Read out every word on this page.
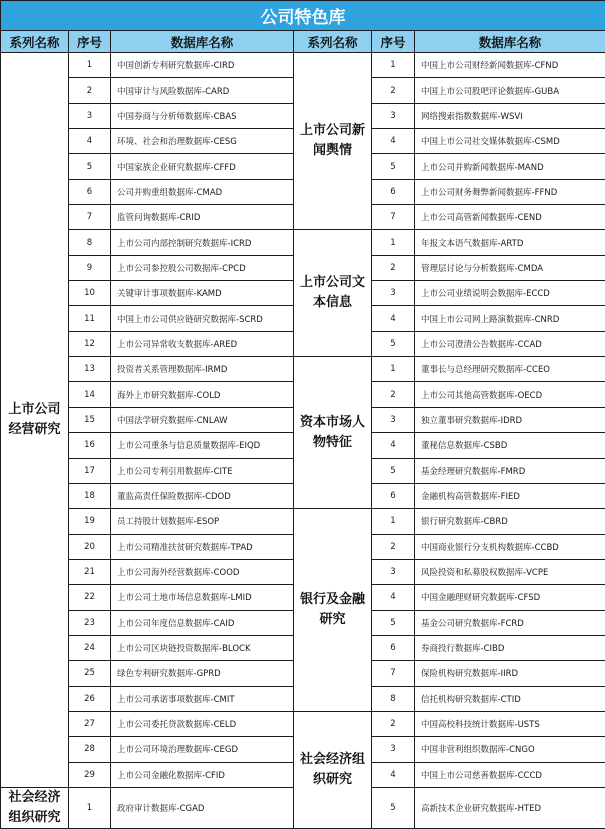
公司特色库					
系列名称	序号	数据库名称	系列名称	序号	数据库名称
上市公司经营研究	1	中国创新专利研究数据库-CIRD	上市公司新闻舆情	1	中国上市公司财经新闻数据库-CFND
	2	中国审计与风险数据库-CARD		2	中国上市公司股吧评论数据库-GUBA
	3	中国券商与分析师数据库-CBAS		3	网络搜索指数数据库-WSVI
	4	环境、社会和治理数据库-CESG		4	中国上市公司社交媒体数据库-CSMD
	5	中国家族企业研究数据库-CFFD		5	上市公司并购新闻数据库-MAND
	6	公司并购重组数据库-CMAD		6	上市公司财务舞弊新闻数据库-FFND
	7	监管问询数据库-CRID		7	上市公司高管新闻数据库-CEND
	8	上市公司内部控制研究数据库-ICRD	上市公司文本信息	1	年报文本语气数据库-ARTD
	9	上市公司参控股公司数据库-CPCD		2	管理层讨论与分析数据库-CMDA
	10	关键审计事项数据库-KAMD		3	上市公司业绩说明会数据库-ECCD
	11	中国上市公司供应链研究数据库-SCRD		4	中国上市公司网上路演数据库-CNRD
	12	上市公司异常收支数据库-ARED		5	上市公司澄清公告数据库-CCAD
	13	投资者关系管理数据库-IRMD	资本市场人物特征	1	董事长与总经理研究数据库-CCEO
	14	海外上市研究数据库-COLD		2	上市公司其他高管数据库-OECD
	15	中国法学研究数据库-CNLAW		3	独立董事研究数据库-IDRD
	16	上市公司重条与信息质量数据库-EIQD		4	董秘信息数据库-CSBD
	17	上市公司专利引用数据库-CITE		5	基金经理研究数据库-FMRD
	18	董监高责任保险数据库-CDOD		6	金融机构高管数据库-FIED
	19	员工持股计划数据库-ESOP	银行及金融研究	1	银行研究数据库-CBRD
	20	上市公司精准扶贫研究数据库-TPAD		2	中国商业银行分支机构数据库-CCBD
	21	上市公司海外经营数据库-COOD		3	风险投资和私募股权数据库-VCPE
	22	上市公司土地市场信息数据库-LMID		4	中国金融理财研究数据库-CFSD
	23	上市公司年度信息数据库-CAID		5	基金公司研究数据库-FCRD
	24	上市公司区块链投资数据库-BLOCK		6	券商投行数据库-CIBD
	25	绿色专利研究数据库-GPRD		7	保险机构研究数据库-IIRD
	26	上市公司承诺事项数据库-CMIT		8	信托机构研究数据库-CTID
	27	上市公司委托贷款数据库-CELD	社会经济组织研究	2	中国高校科技统计数据库-USTS
	28	上市公司环境治理数据库-CEGD		3	中国非营利组织数据库-CNGO
	29	上市公司金融化数据库-CFID		4	中国上市公司慈善数据库-CCCD
社会经济组织研究	1	政府审计数据库-CGAD		5	高新技术企业研究数据库-HTED
